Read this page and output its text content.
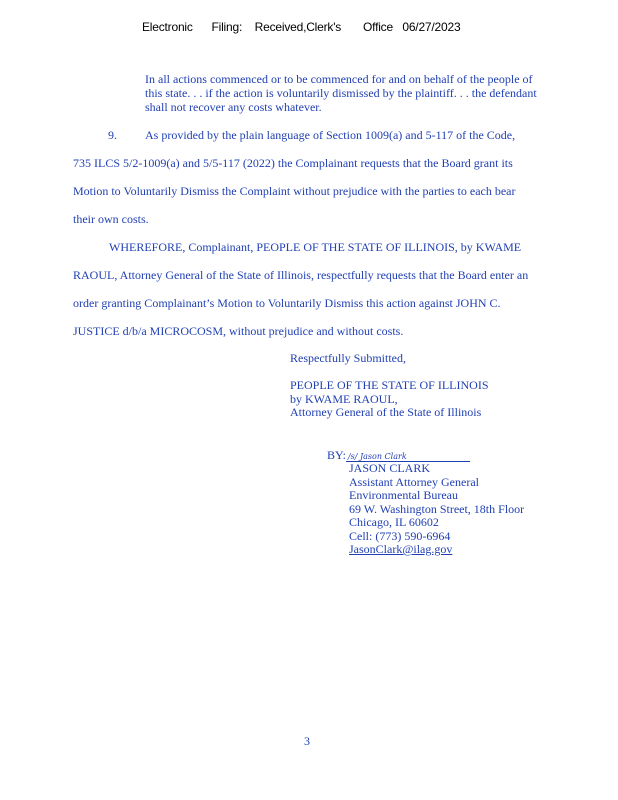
Electronic      Filing:    Received,Clerk's       Office   06/27/2023
In all actions commenced or to be commenced for and on behalf of the people of
this state. . . if the action is voluntarily dismissed by the plaintiff. . . the defendant
shall not recover any costs whatever.
9. As provided by the plain language of Section 1009(a) and 5-117 of the Code,
735 ILCS 5/2-1009(a) and 5/5-117 (2022) the Complainant requests that the Board grant its
Motion to Voluntarily Dismiss the Complaint without prejudice with the parties to each bear
their own costs.
WHEREFORE, Complainant, PEOPLE OF THE STATE OF ILLINOIS, by KWAME
RAOUL, Attorney General of the State of Illinois, respectfully requests that the Board enter an
order granting Complainant’s Motion to Voluntarily Dismiss this action against JOHN C.
JUSTICE d/b/a MICROCOSM, without prejudice and without costs.
Respectfully Submitted,
PEOPLE OF THE STATE OF ILLINOIS
by KWAME RAOUL,
Attorney General of the State of Illinois
BY: /s/ Jason Clark
JASON CLARK
Assistant Attorney General
Environmental Bureau
69 W. Washington Street, 18th Floor
Chicago, IL 60602
Cell: (773) 590-6964
JasonClark@ilag.gov
3
